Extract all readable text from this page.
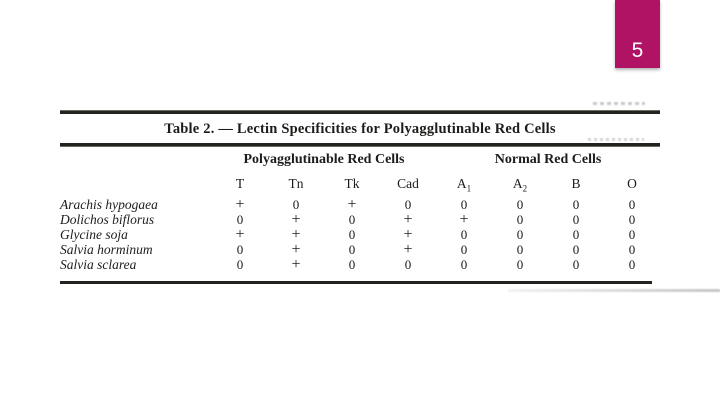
5
Table 2. — Lectin Specificities for Polyagglutinable Red Cells
	Polyagglutinable Red Cells				Normal Red Cells			
	T	Tn	Tk	Cad	$A_1$	$A_2$	B	O
Arachis hypogaea	+	0	+	0	0	0	0	0
Dolichos biflorus	0	+	0	+	+	0	0	0
Glycine soja	+	+	0	+	0	0	0	0
Salvia horminum	0	+	0	+	0	0	0	0
Salvia sclarea	0	+	0	0	0	0	0	0
